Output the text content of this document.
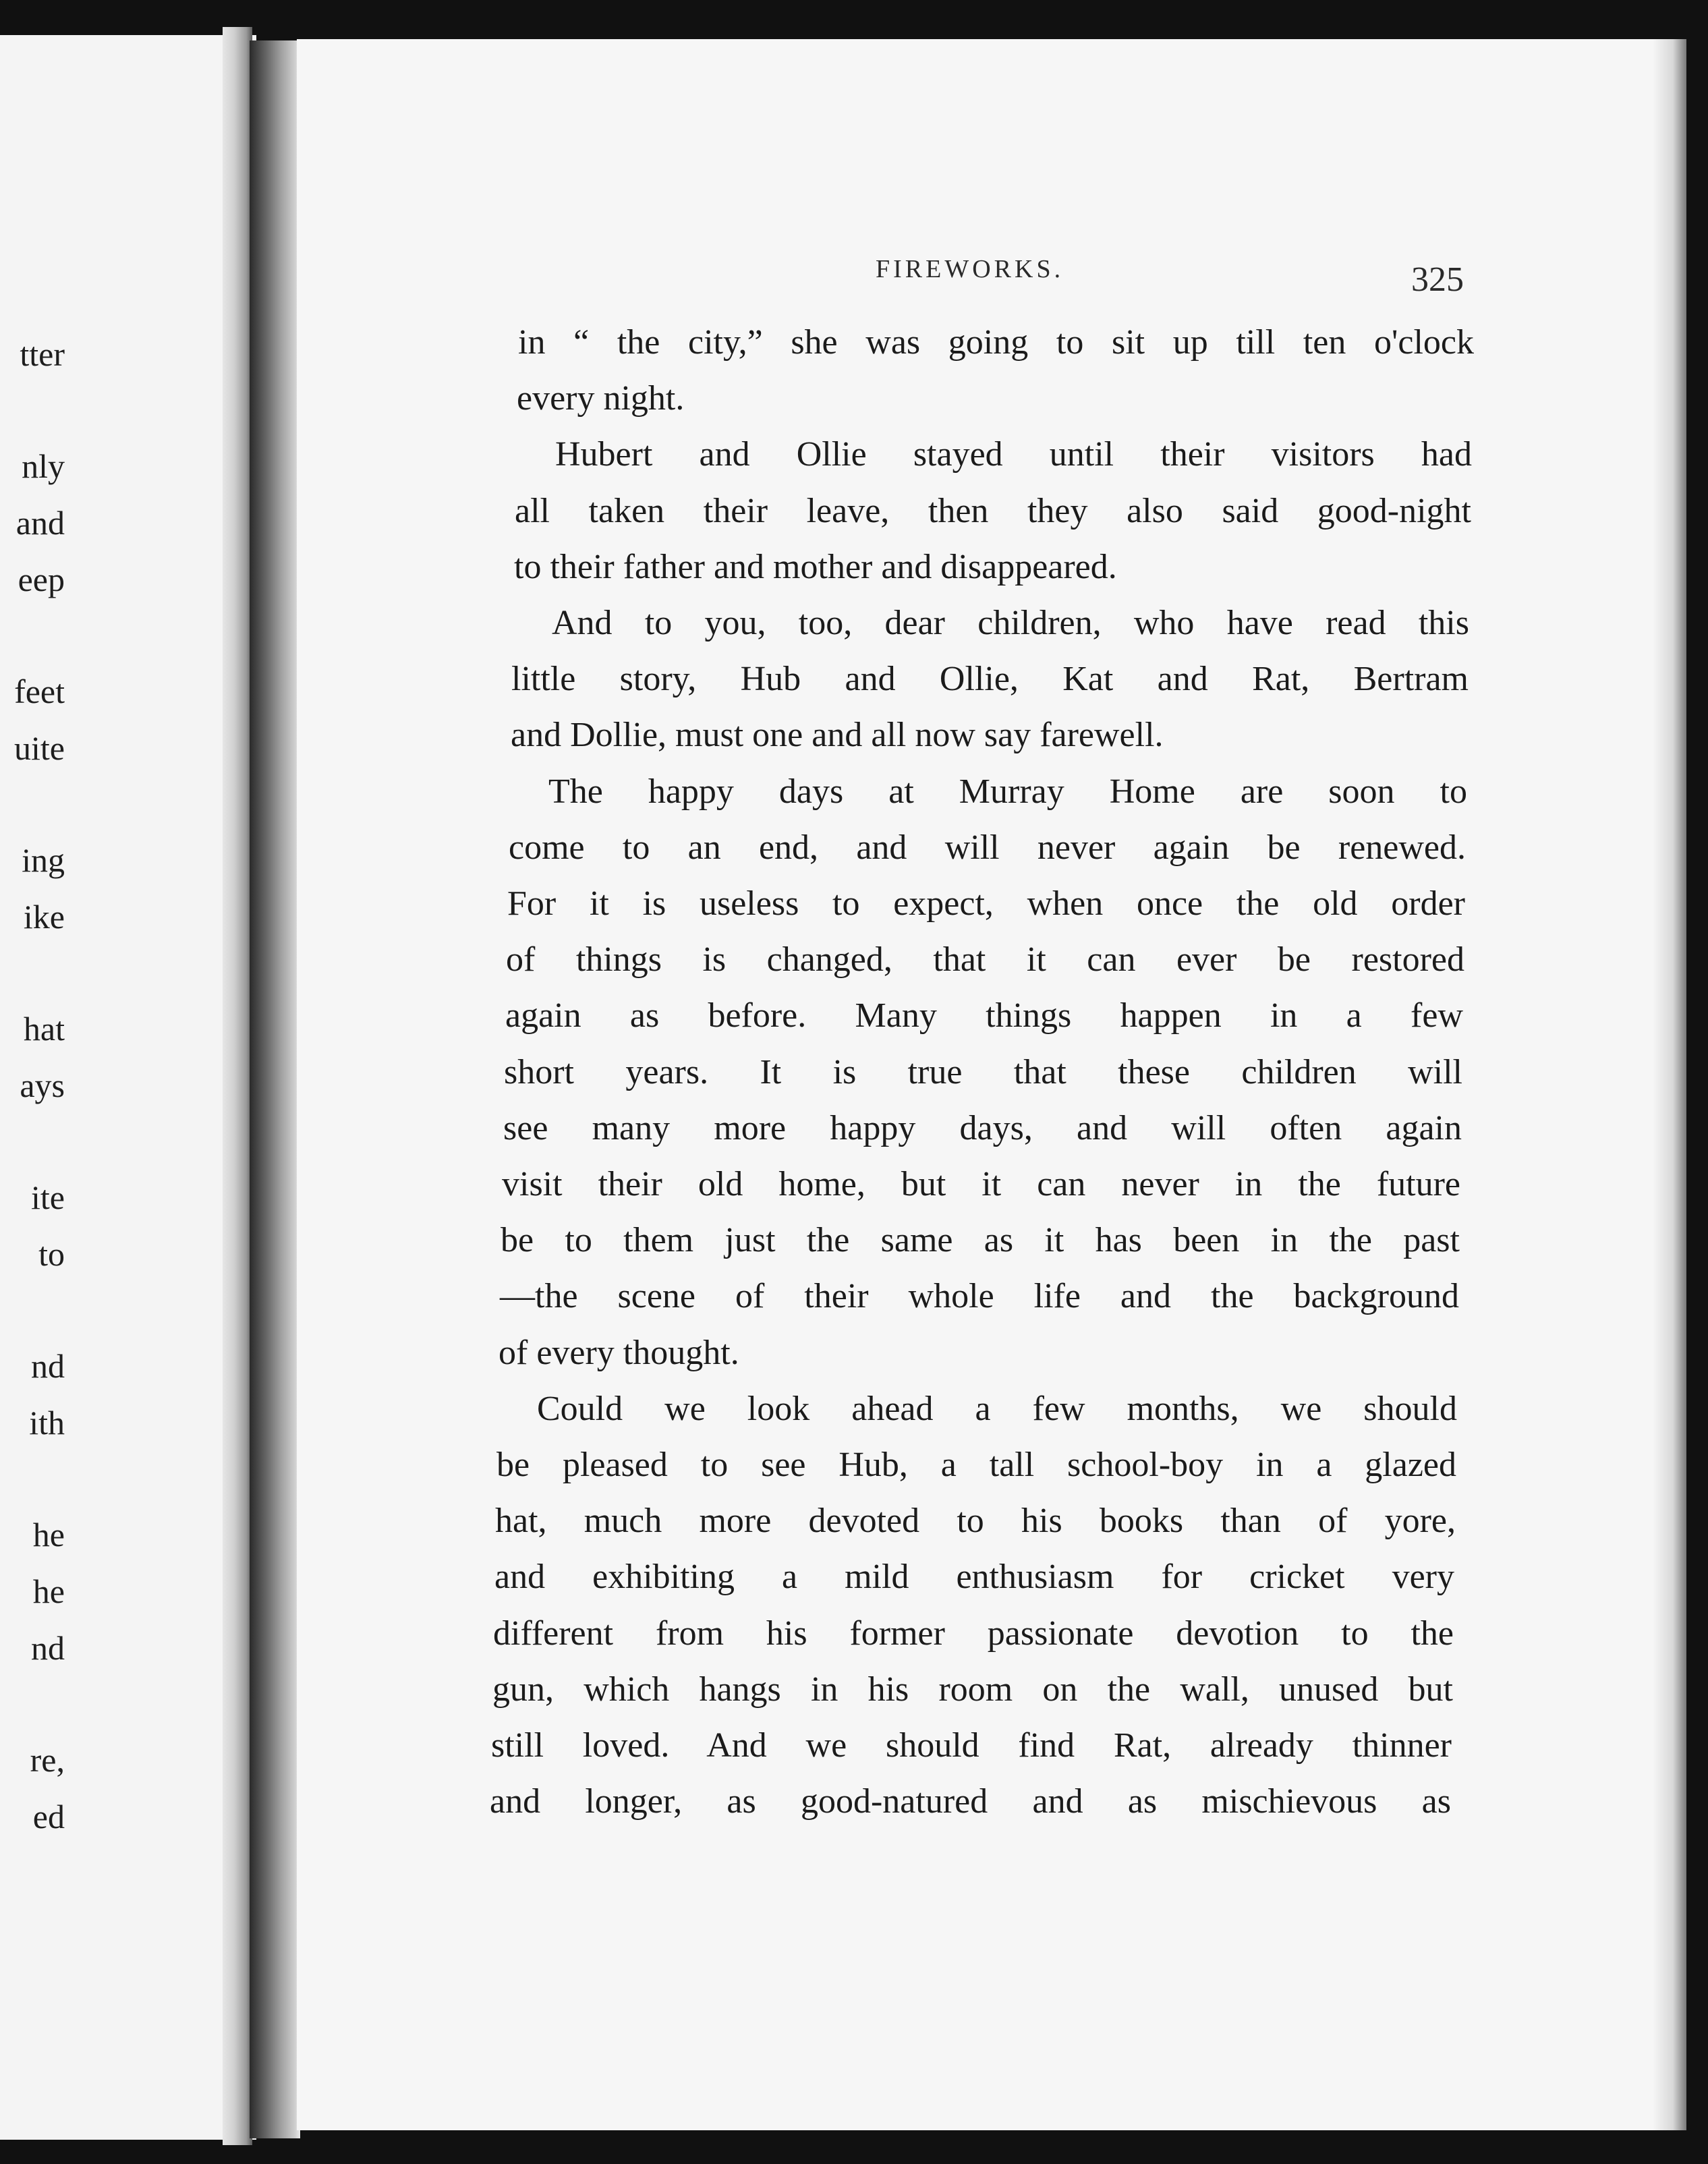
tter
nly
and
eep
feet
uite
ing
ike
hat
ays
ite
to
nd
ith
he
he
nd
re,
ed
FIREWORKS.	325
in “ the city,” she was going to sit up till ten o'clock
every night.
Hubert and Ollie stayed until their visitors had
all taken their leave, then they also said good-night
to their father and mother and disappeared.
And to you, too, dear children, who have read this
little story, Hub and Ollie, Kat and Rat, Bertram
and Dollie, must one and all now say farewell.
The happy days at Murray Home are soon to
come to an end, and will never again be renewed.
For it is useless to expect, when once the old order
of things is changed, that it can ever be restored
again as before. Many things happen in a few
short years. It is true that these children will
see many more happy days, and will often again
visit their old home, but it can never in the future
be to them just the same as it has been in the past
—the scene of their whole life and the background
of every thought.
Could we look ahead a few months, we should
be pleased to see Hub, a tall school-boy in a glazed
hat, much more devoted to his books than of yore,
and exhibiting a mild enthusiasm for cricket very
different from his former passionate devotion to the
gun, which hangs in his room on the wall, unused but
still loved. And we should find Rat, already thinner
and longer, as good-natured and as mischievous as
